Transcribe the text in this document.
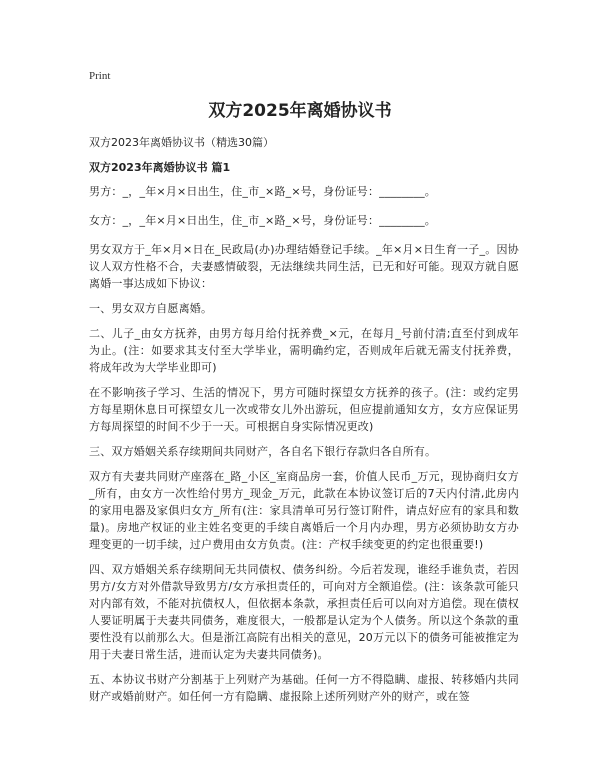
Print
双方2025年离婚协议书
双方2023年离婚协议书（精选30篇）
双方2023年离婚协议书 篇1

男方：_，_年×月×日出生，住_市_×路_×号，身份证号：________。

女方：_，_年×月×日出生，住_市_×路_×号，身份证号：________。

男女双方于_年×月×日在_民政局(办)办理结婚登记手续。_年×月×日生育一子_。因协议人双方性格不合，夫妻感情破裂，无法继续共同生活，已无和好可能。现双方就自愿离婚一事达成如下协议：

一、男女双方自愿离婚。

二、儿子_由女方抚养，由男方每月给付抚养费_×元，在每月_号前付清;直至付到成年为止。(注：如要求其支付至大学毕业，需明确约定，否则成年后就无需支付抚养费，将成年改为大学毕业即可)

在不影响孩子学习、生活的情况下，男方可随时探望女方抚养的孩子。(注：或约定男方每星期休息日可探望女儿一次或带女儿外出游玩，但应提前通知女方，女方应保证男方每周探望的时间不少于一天。可根据自身实际情况更改)

三、双方婚姻关系存续期间共同财产，各自名下银行存款归各自所有。

双方有夫妻共同财产座落在_路_小区_室商品房一套，价值人民币_万元，现协商归女方_所有，由女方一次性给付男方_现金_万元，此款在本协议签订后的7天内付清,此房内的家用电器及家俱归女方_所有(注：家具清单可另行签订附件，请点好应有的家具和数量)。房地产权证的业主姓名变更的手续自离婚后一个月内办理，男方必须协助女方办理变更的一切手续，过户费用由女方负责。(注：产权手续变更的约定也很重要!)

四、双方婚姻关系存续期间无共同债权、债务纠纷。今后若发现，谁经手谁负责，若因男方/女方对外借款导致男方/女方承担责任的，可向对方全额追偿。(注：该条款可能只对内部有效，不能对抗债权人，但依据本条款，承担责任后可以向对方追偿。现在债权人要证明属于夫妻共同债务，难度很大，一般都是认定为个人债务。所以这个条款的重要性没有以前那么大。但是浙江高院有出相关的意见，20万元以下的债务可能被推定为用于夫妻日常生活，进而认定为夫妻共同债务)。

五、本协议书财产分割基于上列财产为基础。任何一方不得隐瞒、虚报、转移婚内共同财产或婚前财产。如任何一方有隐瞒、虚报除上述所列财产外的财产，或在签
